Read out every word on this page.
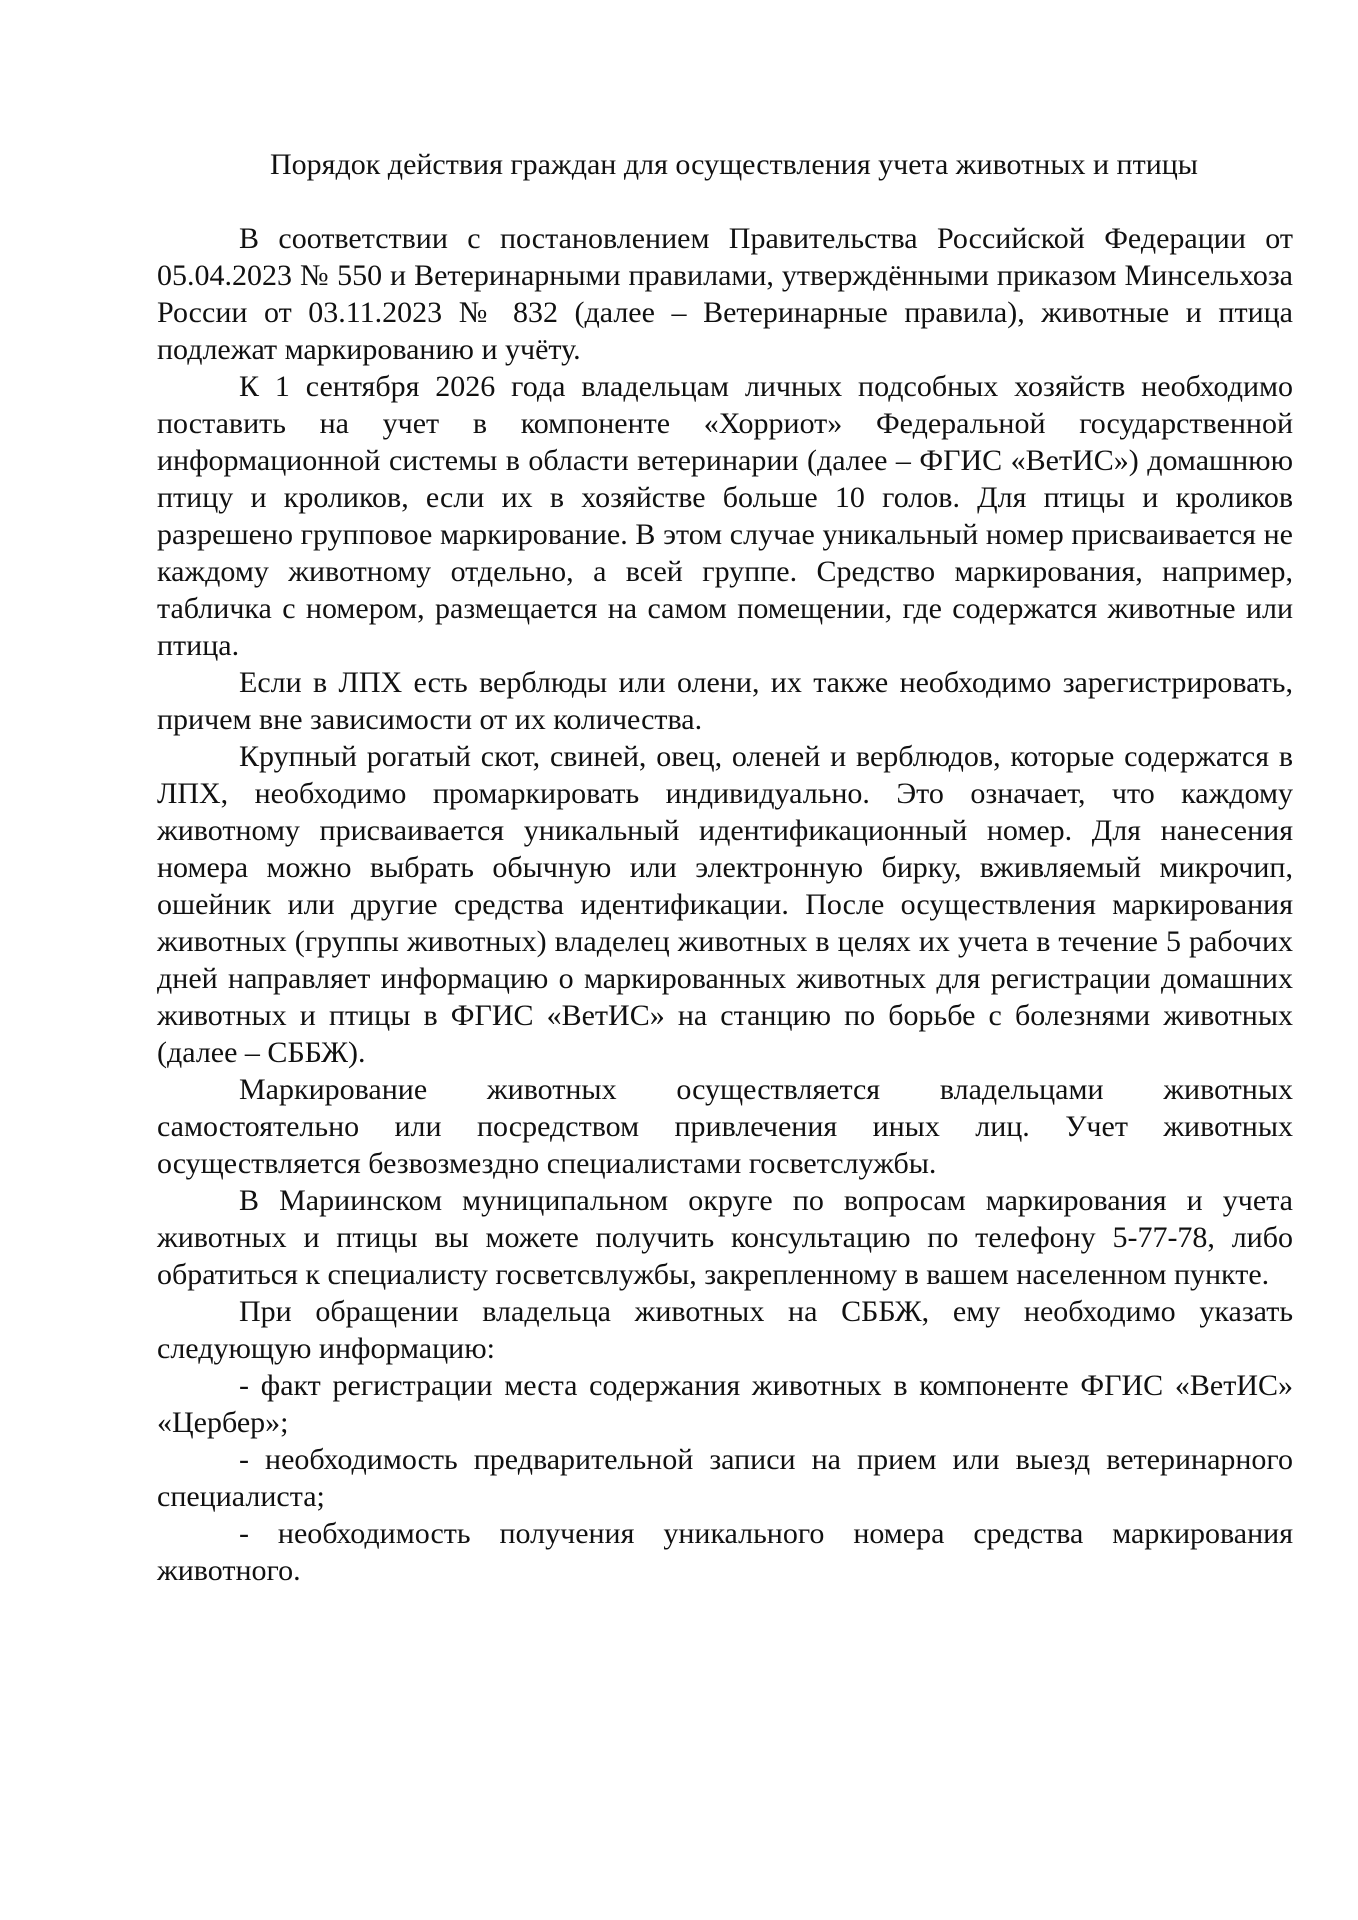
Порядок действия граждан для осуществления учета животных и птицы

В соответствии с постановлением Правительства Российской Федерации от 05.04.2023 № 550 и Ветеринарными правилами, утверждёнными приказом Минсельхоза России от 03.11.2023 № 832 (далее – Ветеринарные правила), животные и птица подлежат маркированию и учёту.

К 1 сентября 2026 года владельцам личных подсобных хозяйств необходимо поставить на учет в компоненте «Хорриот» Федеральной государственной информационной системы в области ветеринарии (далее – ФГИС «ВетИС») домашнюю птицу и кроликов, если их в хозяйстве больше 10 голов. Для птицы и кроликов разрешено групповое маркирование. В этом случае уникальный номер присваивается не каждому животному отдельно, а всей группе. Средство маркирования, например, табличка с номером, размещается на самом помещении, где содержатся животные или птица.

Если в ЛПХ есть верблюды или олени, их также необходимо зарегистрировать, причем вне зависимости от их количества.

Крупный рогатый скот, свиней, овец, оленей и верблюдов, которые содержатся в ЛПХ, необходимо промаркировать индивидуально. Это означает, что каждому животному присваивается уникальный идентификационный номер. Для нанесения номера можно выбрать обычную или электронную бирку, вживляемый микрочип, ошейник или другие средства идентификации. После осуществления маркирования животных (группы животных) владелец животных в целях их учета в течение 5 рабочих дней направляет информацию о маркированных животных для регистрации домашних животных и птицы в ФГИС «ВетИС» на станцию по борьбе с болезнями животных (далее – СББЖ).

Маркирование животных осуществляется владельцами животных самостоятельно или посредством привлечения иных лиц. Учет животных осуществляется безвозмездно специалистами госветслужбы.

В Мариинском муниципальном округе по вопросам маркирования и учета животных и птицы вы можете получить консультацию по телефону 5-77-78, либо обратиться к специалисту госветсвлужбы, закрепленному в вашем населенном пункте.

При обращении владельца животных на СББЖ, ему необходимо указать следующую информацию:

- факт регистрации места содержания животных в компоненте ФГИС «ВетИС» «Цербер»;

- необходимость предварительной записи на прием или выезд ветеринарного специалиста;

- необходимость получения уникального номера средства маркирования животного.
